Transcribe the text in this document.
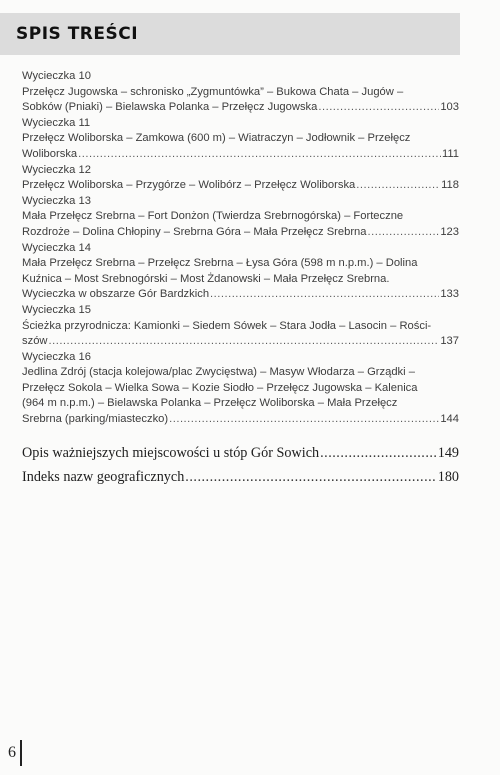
SPIS TREŚCI
Wycieczka 10
Przełęcz Jugowska – schronisko „Zygmuntówka” – Bukowa Chata – Jugów –
Sobków (Pniaki) – Bielawska Polanka – Przełęcz Jugowska .....	103
Wycieczka 11
Przełęcz Woliborska – Zamkowa (600 m) – Wiatraczyn – Jodłownik – Przełęcz
Woliborska .....	111
Wycieczka 12
Przełęcz Woliborska – Przygórze – Wolibórz – Przełęcz Woliborska .....	118
Wycieczka 13
Mała Przełęcz Srebrna – Fort Donżon (Twierdza Srebrnogórska) – Forteczne
Rozdroże – Dolina Chłopiny – Srebrna Góra – Mała Przełęcz Srebrna .....	123
Wycieczka 14
Mała Przełęcz Srebrna – Przełęcz Srebrna – Łysa Góra (598 m n.p.m.) – Dolina
Kuźnica – Most Srebnogórski – Most Żdanowski – Mała Przełęcz Srebrna.
Wycieczka w obszarze Gór Bardzkich .....	133
Wycieczka 15
Ścieżka przyrodnicza: Kamionki – Siedem Sówek – Stara Jodła – Lasocin – Rości-
szów .....	137
Wycieczka 16
Jedlina Zdrój (stacja kolejowa/plac Zwycięstwa) – Masyw Włodarza – Grządki –
Przełęcz Sokola – Wielka Sowa – Kozie Siodło – Przełęcz Jugowska – Kalenica
(964 m n.p.m.) – Bielawska Polanka – Przełęcz Woliborska – Mała Przełęcz
Srebrna (parking/miasteczko) .....	144
Opis ważniejszych miejscowości u stóp Gór Sowich .....	149
Indeks nazw geograficznych .....	180
6
